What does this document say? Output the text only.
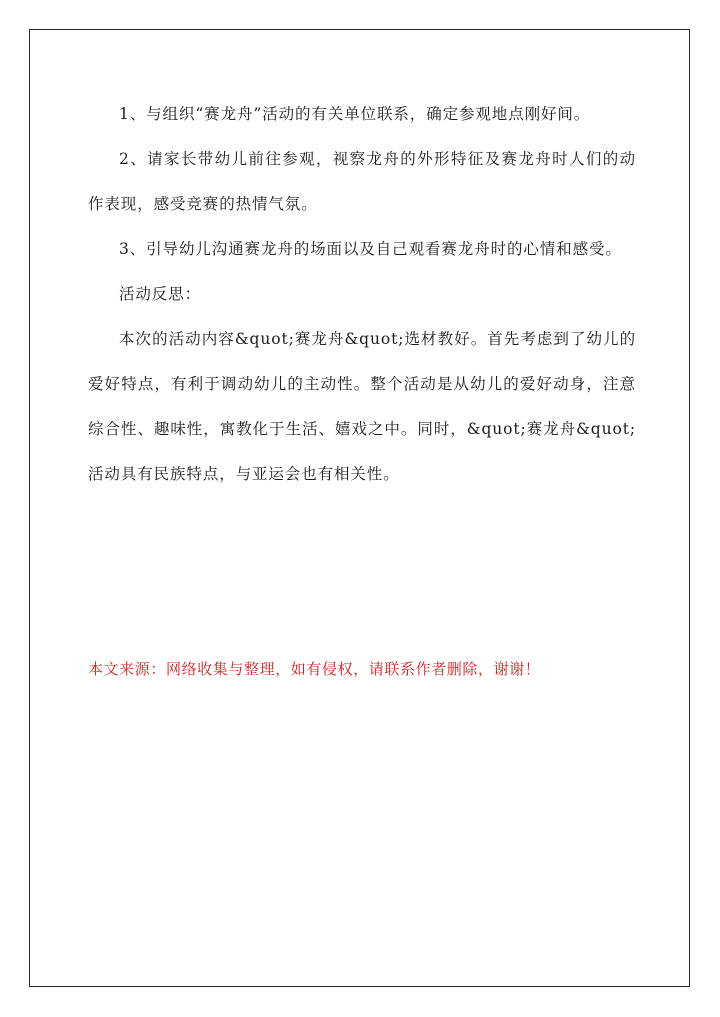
1、与组织“赛龙舟”活动的有关单位联系，确定参观地点刚好间。

2、请家长带幼儿前往参观，视察龙舟的外形特征及赛龙舟时人们的动作表现，感受竞赛的热情气氛。

3、引导幼儿沟通赛龙舟的场面以及自己观看赛龙舟时的心情和感受。

活动反思：

本次的活动内容&quot;赛龙舟&quot;选材教好。首先考虑到了幼儿的爱好特点，有利于调动幼儿的主动性。整个活动是从幼儿的爱好动身，注意综合性、趣味性，寓教化于生活、嬉戏之中。同时，&quot;赛龙舟&quot;活动具有民族特点，与亚运会也有相关性。

本文来源：网络收集与整理，如有侵权，请联系作者删除，谢谢！
